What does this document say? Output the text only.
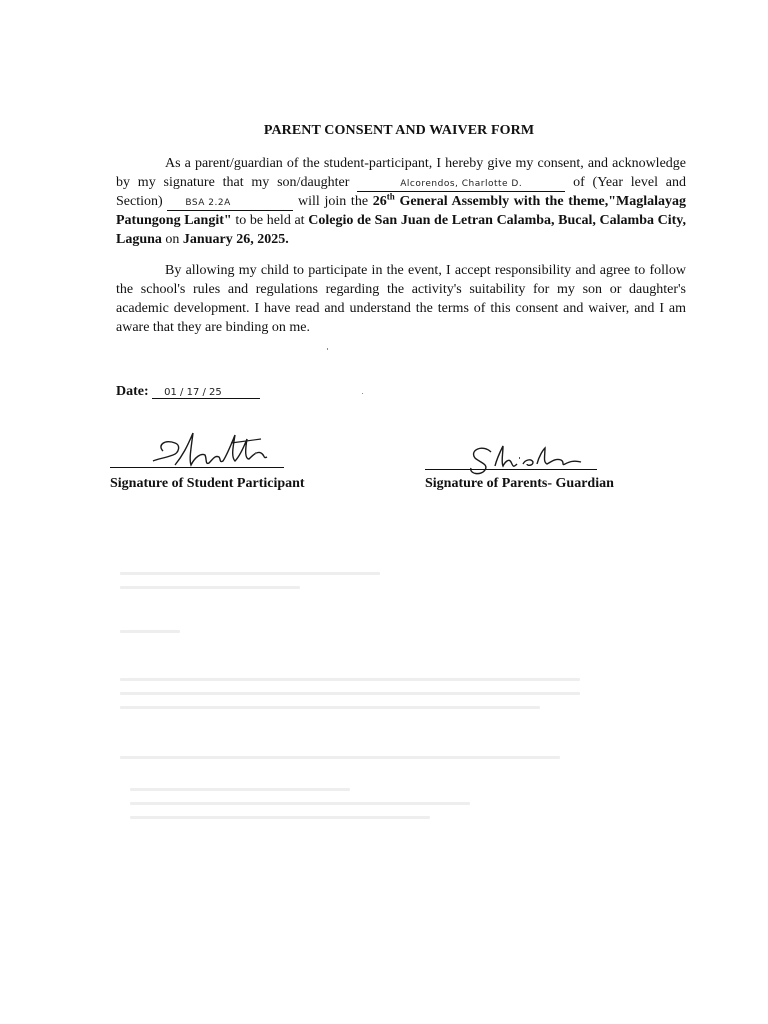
PARENT CONSENT AND WAIVER FORM

As a parent/guardian of the student-participant, I hereby give my consent, and acknowledge by my signature that my son/daughter	Alcorendos, Charlotte D.	of (Year level and Section)	BSA 2.2A	will join the 26th General Assembly with the theme,"Maglalayag Patungong Langit" to be held at Colegio de San Juan de Letran Calamba, Bucal, Calamba City, Laguna on January 26, 2025.

By allowing my child to participate in the event, I accept responsibility and agree to follow the school's rules and regulations regarding the activity's suitability for my son or daughter's academic development. I have read and understand the terms of this consent and waiver, and I am aware that they are binding on me.

Date: 01 / 17 / 25
Signature of Student Participant	Signature of Parents- Guardian
